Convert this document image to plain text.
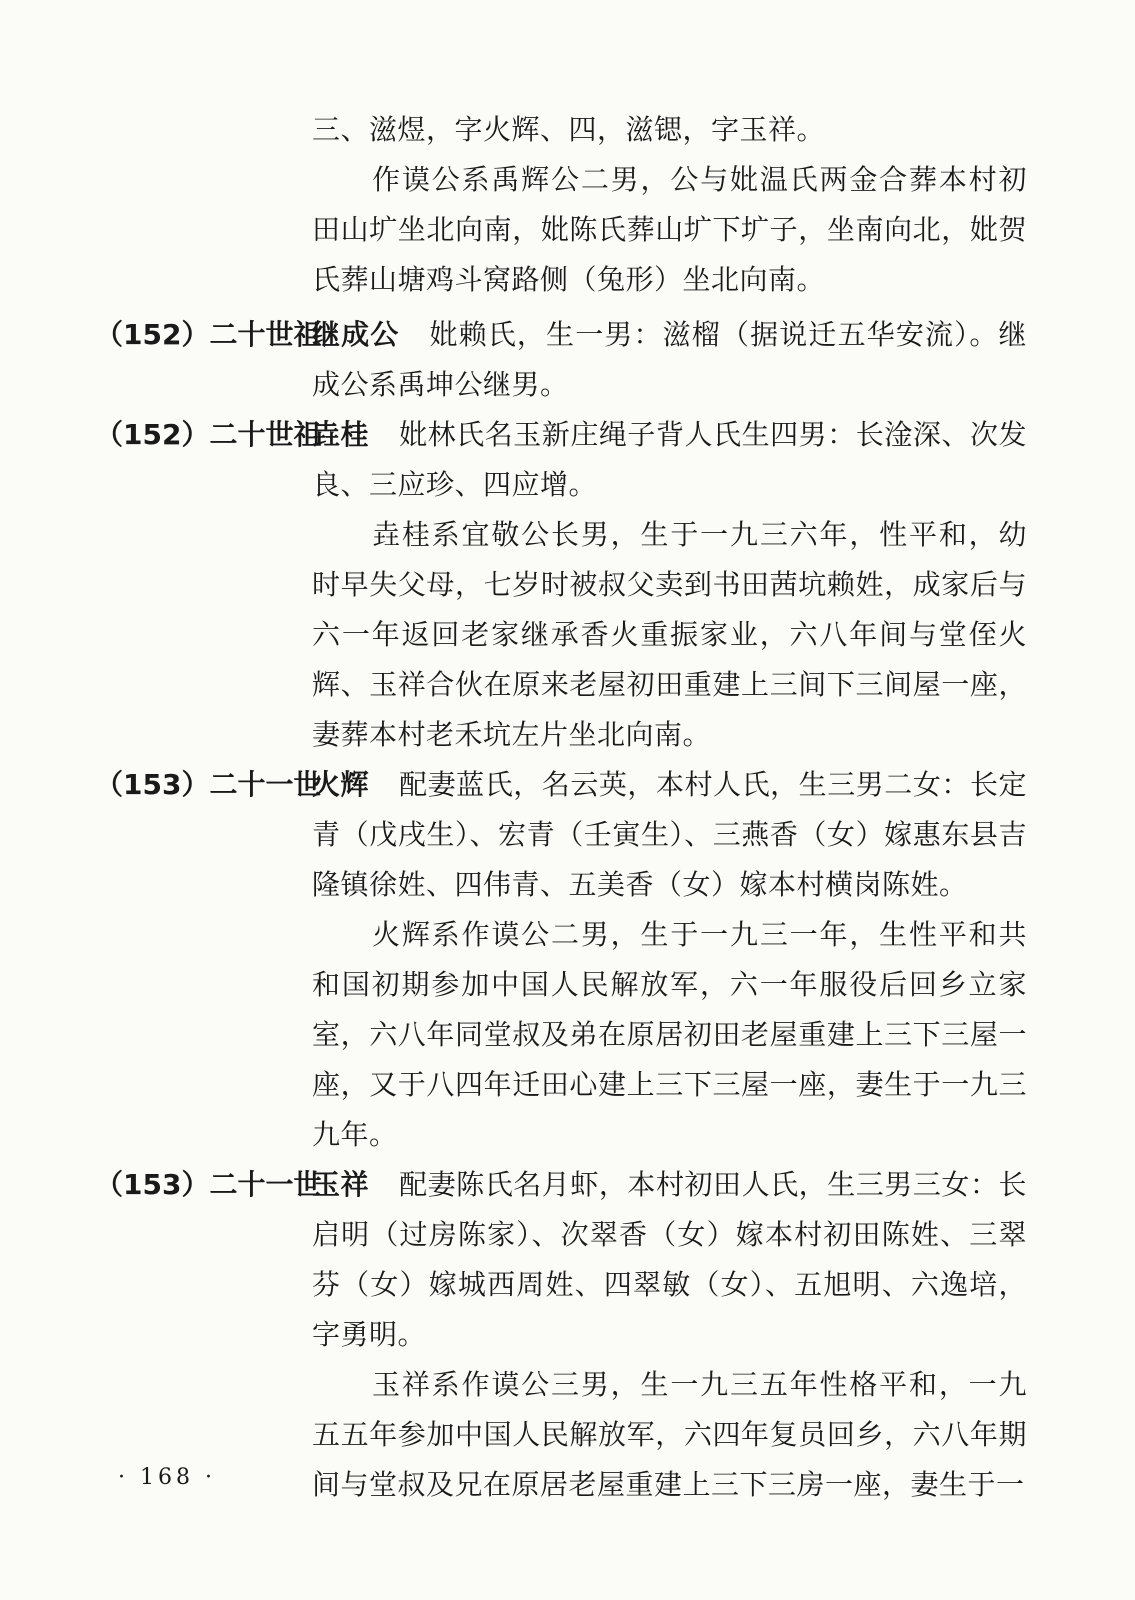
三、滋煜，字火辉、四，滋锶，字玉祥。

作谟公系禹辉公二男，公与妣温氏两金合葬本村初田山圹坐北向南，妣陈氏葬山圹下圹子，坐南向北，妣贺氏葬山塘鸡斗窝路侧（兔形）坐北向南。

（152）二十世祖

继成公 妣赖氏，生一男：滋榴（据说迁五华安流）。继成公系禹坤公继男。

（152）二十世祖

垚桂 妣林氏名玉新庄绳子背人氏生四男：长淦深、次发良、三应珍、四应增。

垚桂系宜敬公长男，生于一九三六年，性平和，幼时早失父母，七岁时被叔父卖到书田茜坑赖姓，成家后与六一年返回老家继承香火重振家业，六八年间与堂侄火辉、玉祥合伙在原来老屋初田重建上三间下三间屋一座，妻葬本村老禾坑左片坐北向南。

（153）二十一世

火辉 配妻蓝氏，名云英，本村人氏，生三男二女：长定青（戊戌生）、宏青（壬寅生）、三燕香（女）嫁惠东县吉隆镇徐姓、四伟青、五美香（女）嫁本村横岗陈姓。

火辉系作谟公二男，生于一九三一年，生性平和共和国初期参加中国人民解放军，六一年服役后回乡立家室，六八年同堂叔及弟在原居初田老屋重建上三下三屋一座，又于八四年迁田心建上三下三屋一座，妻生于一九三九年。

（153）二十一世

玉祥 配妻陈氏名月虾，本村初田人氏，生三男三女：长启明（过房陈家）、次翠香（女）嫁本村初田陈姓、三翠芬（女）嫁城西周姓、四翠敏（女）、五旭明、六逸培，字勇明。

玉祥系作谟公三男，生一九三五年性格平和，一九五五年参加中国人民解放军，六四年复员回乡，六八年期间与堂叔及兄在原居老屋重建上三下三房一座，妻生于一

· 168 ·
